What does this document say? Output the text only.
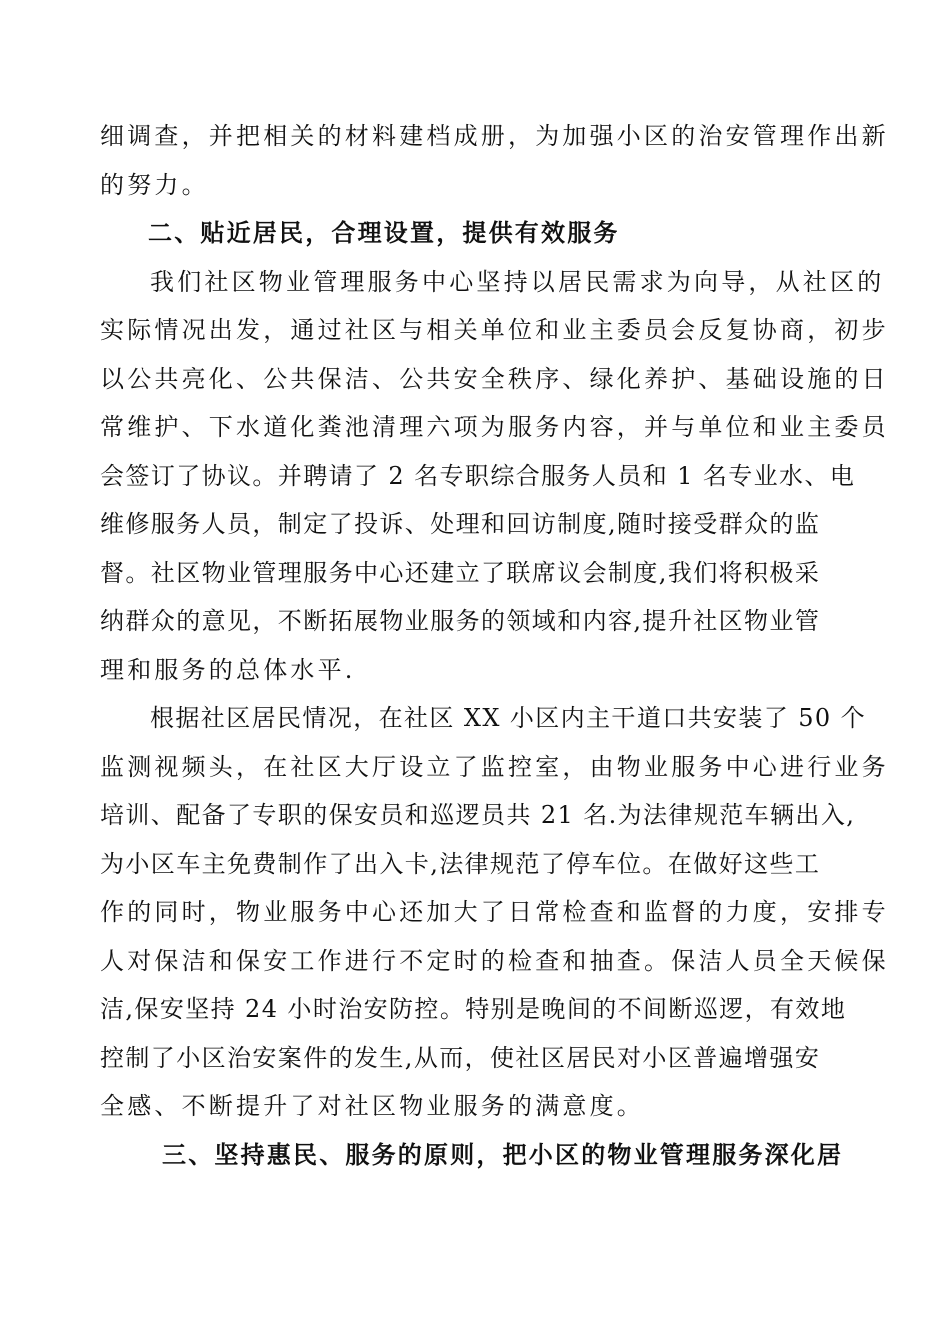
细调查，并把相关的材料建档成册，为加强小区的治安管理作出新
的努力。
二、贴近居民，合理设置，提供有效服务
我们社区物业管理服务中心坚持以居民需求为向导，从社区的
实际情况出发，通过社区与相关单位和业主委员会反复协商，初步
以公共亮化、公共保洁、公共安全秩序、绿化养护、基础设施的日
常维护、下水道化粪池清理六项为服务内容，并与单位和业主委员
会签订了协议。并聘请了 2 名专职综合服务人员和 1 名专业水、电
维修服务人员，制定了投诉、处理和回访制度,随时接受群众的监
督。社区物业管理服务中心还建立了联席议会制度,我们将积极采
纳群众的意见，不断拓展物业服务的领域和内容,提升社区物业管
理和服务的总体水平.
根据社区居民情况，在社区 XX 小区内主干道口共安装了 50 个
监测视频头，在社区大厅设立了监控室，由物业服务中心进行业务
培训、配备了专职的保安员和巡逻员共 21 名.为法律规范车辆出入,
为小区车主免费制作了出入卡,法律规范了停车位。在做好这些工
作的同时，物业服务中心还加大了日常检查和监督的力度，安排专
人对保洁和保安工作进行不定时的检查和抽查。保洁人员全天候保
洁,保安坚持 24 小时治安防控。特别是晚间的不间断巡逻，有效地
控制了小区治安案件的发生,从而，使社区居民对小区普遍增强安
全感、不断提升了对社区物业服务的满意度。
三、坚持惠民、服务的原则，把小区的物业管理服务深化居
